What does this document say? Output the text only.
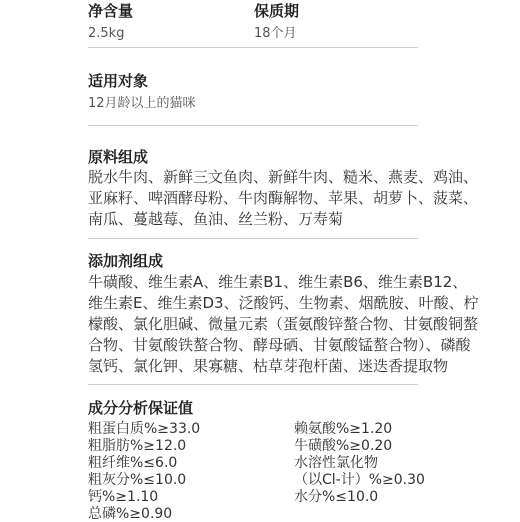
净含量
2.5kg
保质期
18个月
适用对象
12月龄以上的猫咪
原料组成
脱水牛肉、新鲜三文鱼肉、新鲜牛肉、糙米、燕麦、鸡油、
亚麻籽、啤酒酵母粉、牛肉酶解物、苹果、胡萝卜、菠菜、
南瓜、蔓越莓、鱼油、丝兰粉、万寿菊
添加剂组成
牛磺酸、维生素A、维生素B1、维生素B6、维生素B12、
维生素E、维生素D3、泛酸钙、生物素、烟酰胺、叶酸、柠
檬酸、氯化胆碱、微量元素（蛋氨酸锌螯合物、甘氨酸铜螯
合物、甘氨酸铁螯合物、酵母硒、甘氨酸锰螯合物）、磷酸
氢钙、氯化钾、果寡糖、枯草芽孢杆菌、迷迭香提取物
成分分析保证值
粗蛋白质%≥33.0
粗脂肪%≥12.0
粗纤维%≤6.0
粗灰分%≤10.0
钙%≥1.10
总磷%≥0.90
赖氨酸%≥1.20
牛磺酸%≥0.20
水溶性氯化物
（以Cl-计）%≥0.30
水分%≤10.0
